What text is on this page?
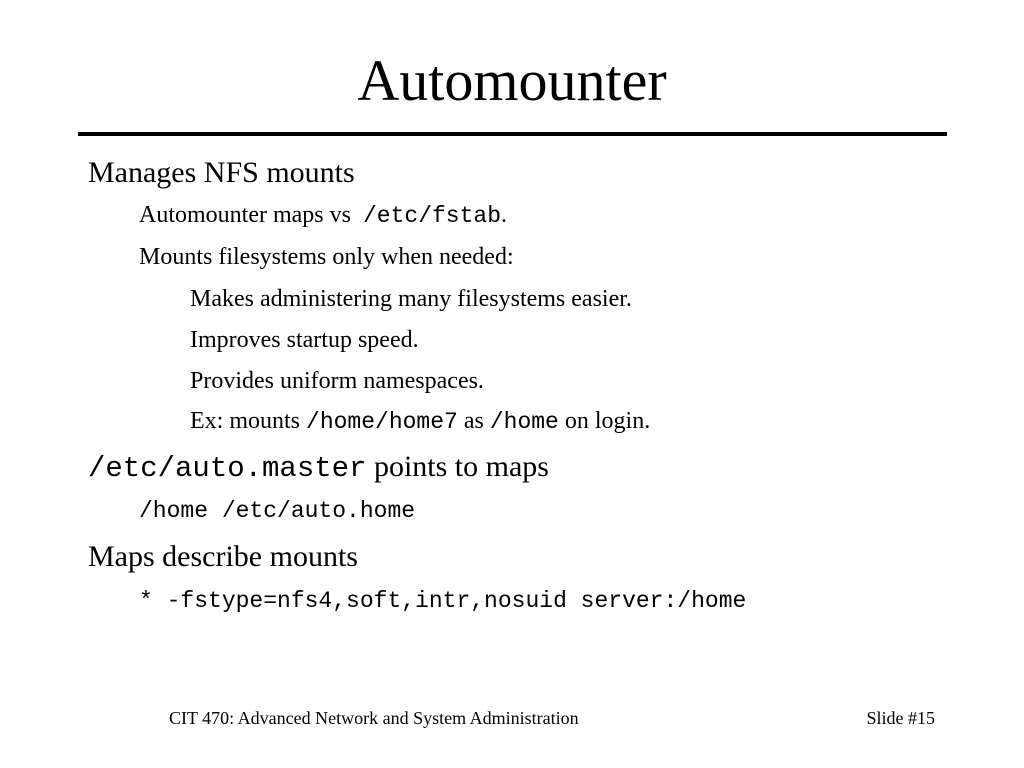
Automounter
Manages NFS mounts
Automounter maps vs /etc/fstab.
Mounts filesystems only when needed:
Makes administering many filesystems easier.
Improves startup speed.
Provides uniform namespaces.
Ex: mounts /home/home7 as /home on login.
/etc/auto.master points to maps
/home /etc/auto.home
Maps describe mounts
* -fstype=nfs4,soft,intr,nosuid server:/home
CIT 470: Advanced Network and System Administration	Slide #15
